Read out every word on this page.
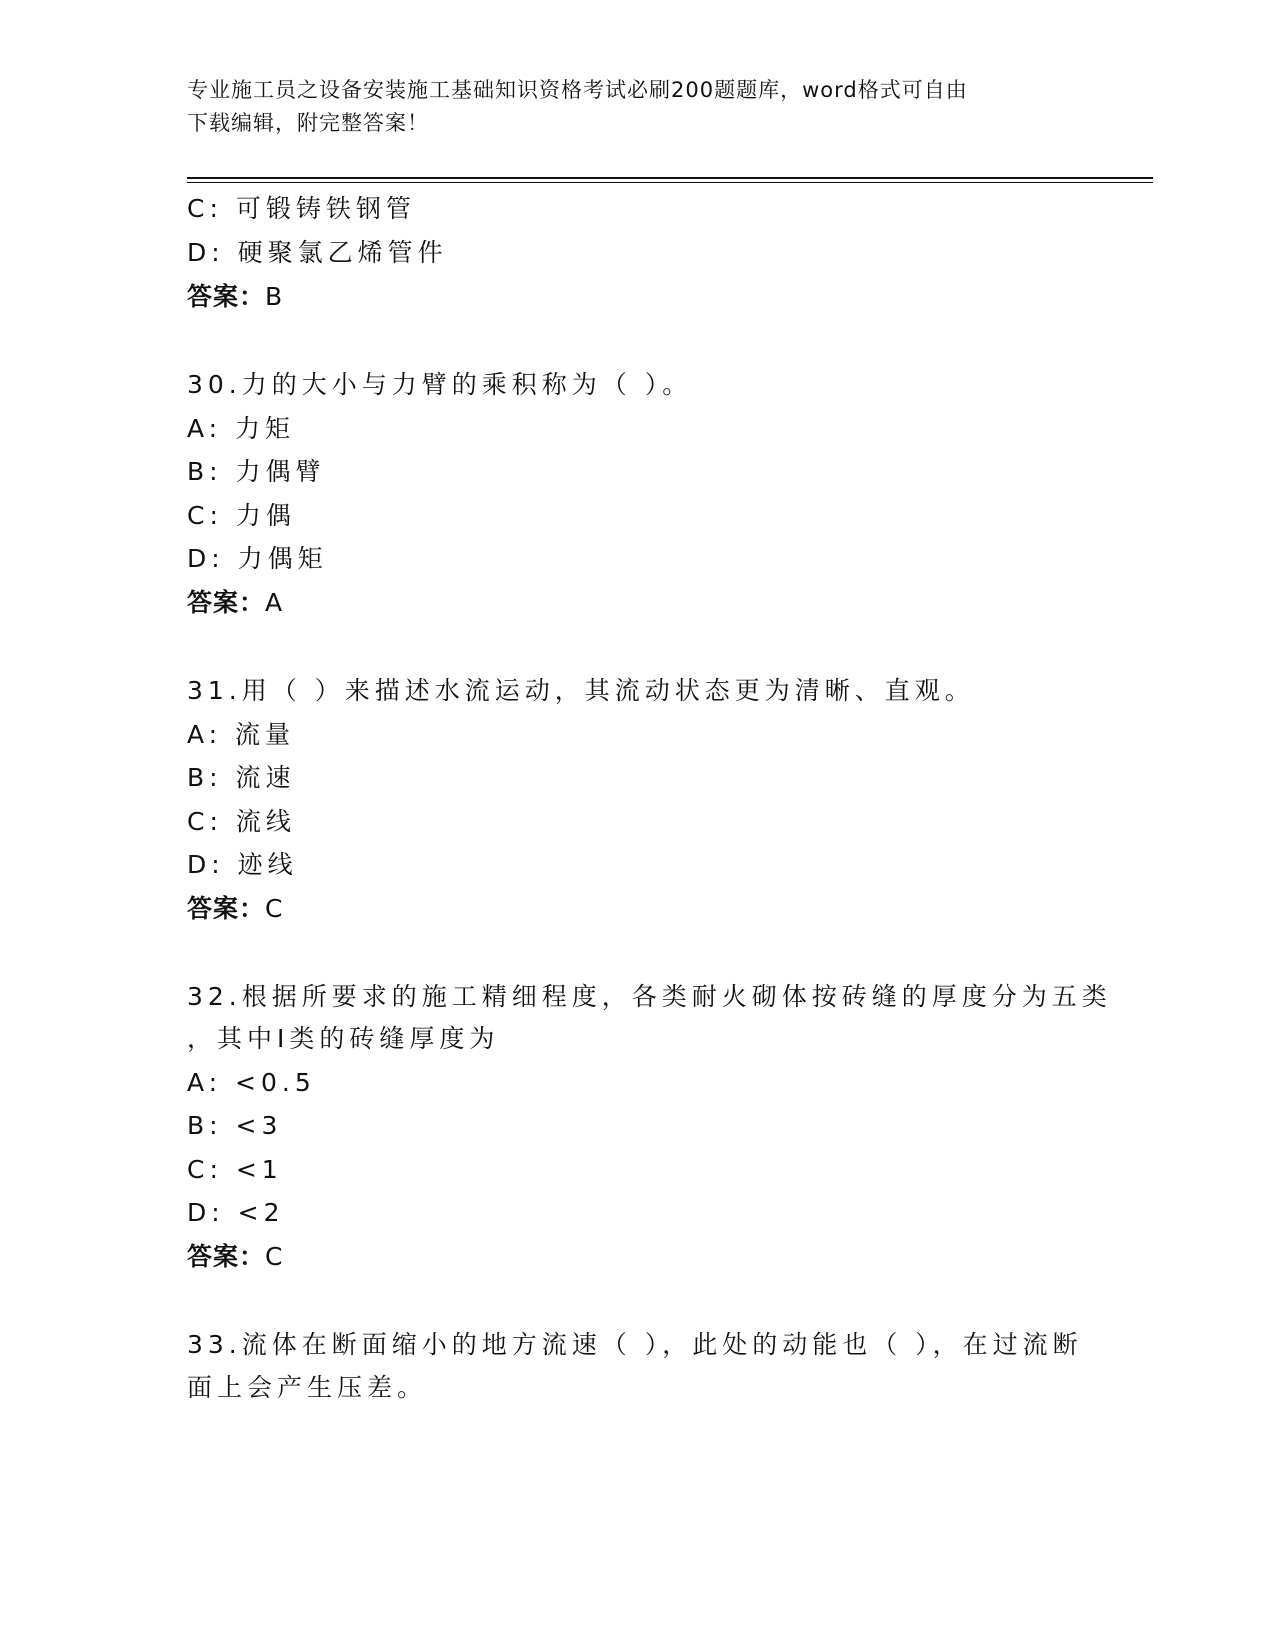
专业施工员之设备安装施工基础知识资格考试必刷200题题库，word格式可自由
下载编辑，附完整答案！
C: 可锻铸铁钢管
D: 硬聚氯乙烯管件
答案：B
30.力的大小与力臂的乘积称为（ ）。
A: 力矩
B: 力偶臂
C: 力偶
D: 力偶矩
答案：A
31.用（ ）来描述水流运动，其流动状态更为清晰、直观。
A: 流量
B: 流速
C: 流线
D: 迹线
答案：C
32.根据所要求的施工精细程度，各类耐火砌体按砖缝的厚度分为五类
，其中I类的砖缝厚度为
A: <0.5
B: <3
C: <1
D: <2
答案：C
33.流体在断面缩小的地方流速（ ），此处的动能也（ ），在过流断
面上会产生压差。
